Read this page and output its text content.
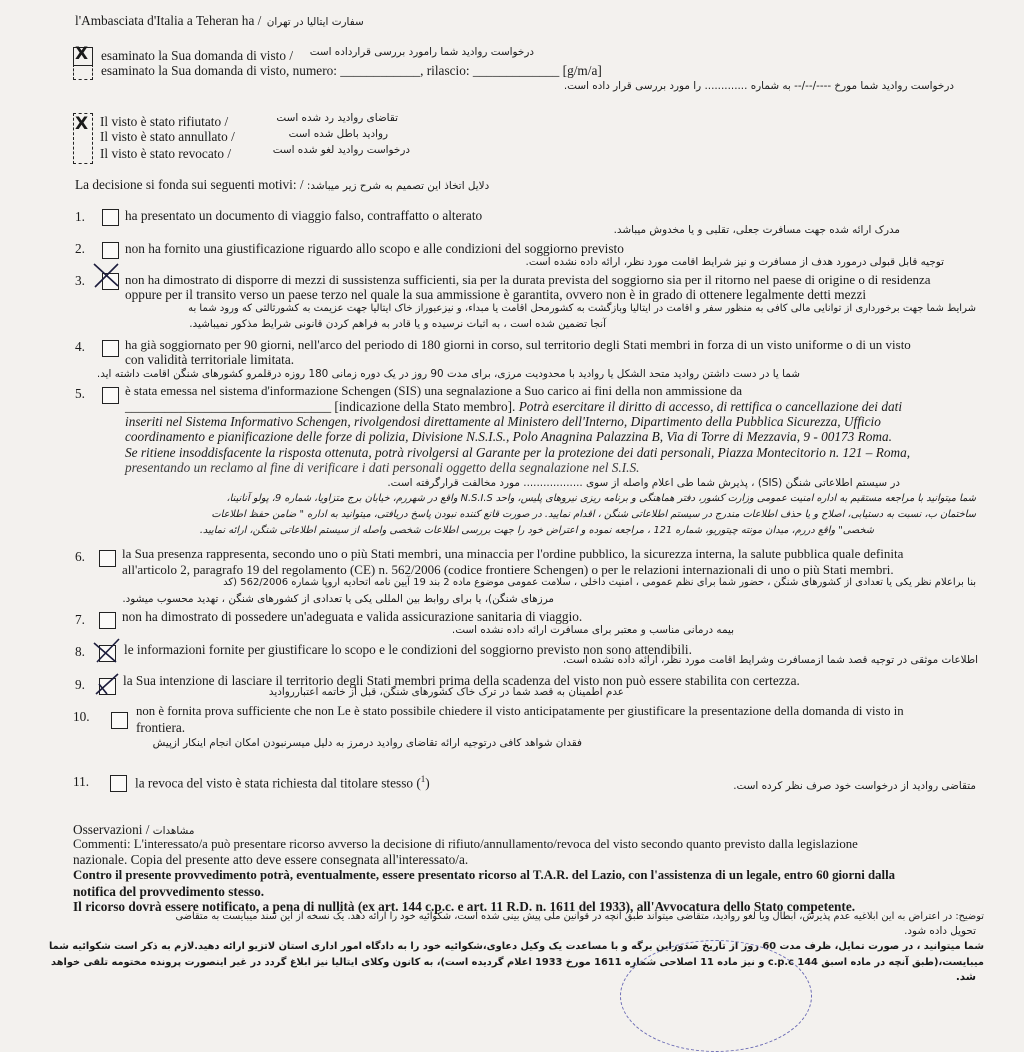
l'Ambasciata d'Italia a Teheran ha / سفارت ایتالیا در تهران
X esaminato la Sua domanda di visto / درخواست روادید شما رامورد بررسی قرارداده است
esaminato la Sua domanda di visto, numero: ____________, rilascio: _____________ [g/m/a]
درخواست روادید شما مورخ ----/--/-- به شماره ............. را مورد بررسی قرار داده است.
X Il visto è stato rifiutato /	تقاضای روادید رد شده است
Il visto è stato annullato /	روادید باطل شده است
Il visto è stato revocato /	درخواست روادید لغو شده است
La decisione si fonda sui seguenti motivi: / دلایل اتخاذ این تصمیم به شرح زیر میباشد:
1.	ha presentato un documento di viaggio falso, contraffatto o alterato
مدرک ارائه شده جهت مسافرت جعلی، تقلبی و یا مخدوش میباشد.
2.	non ha fornito una giustificazione riguardo allo scopo e alle condizioni del soggiorno previsto
توجیه قابل قبولی درمورد هدف از مسافرت و نیز شرایط اقامت مورد نظر، ارائه داده نشده است.
3.	non ha dimostrato di disporre di mezzi di sussistenza sufficienti, sia per la durata prevista del soggiorno sia per il ritorno nel paese di origine o di residenza
oppure per il transito verso un paese terzo nel quale la sua ammissione è garantita, ovvero non è in grado di ottenere legalmente detti mezzi
شرایط شما جهت برخورداری از توانایی مالی کافی به منظور سفر و اقامت در ایتالیا وبازگشت به کشورمحل اقامت یا مبداء، و نیزعبوراز خاک ایتالیا جهت عزیمت به کشورثالثی که ورود شما به
آنجا تضمین شده است ، به اثبات نرسیده و یا قادر به فراهم کردن قانونی شرایط مذکور نمیباشید.
4.	ha già soggiornato per 90 giorni, nell'arco del periodo di 180 giorni in corso, sul territorio degli Stati membri in forza di un visto uniforme o di un visto
con validità territoriale limitata.
شما یا در دست داشتن روادید متحد الشکل یا روادید با محدودیت مرزی، برای مدت 90 روز در یک دوره زمانی 180 روزه درقلمرو کشورهای شنگن اقامت داشته اید.
5.	è stata emessa nel sistema d'informazione Schengen (SIS) una segnalazione a Suo carico ai fini della non ammissione da
_______________________________ [indicazione della Stato membro]. Potrà esercitare il diritto di accesso, di rettifica o cancellazione dei dati
inseriti nel Sistema Informativo Schengen, rivolgendosi direttamente al Ministero dell'Interno, Dipartimento della Pubblica Sicurezza, Ufficio
coordinamento e pianificazione delle forze di polizia, Divisione N.S.I.S., Polo Anagnina Palazzina B, Via di Torre di Mezzavia, 9 - 00173 Roma.
Se ritiene insoddisfacente la risposta ottenuta, potrà rivolgersi al Garante per la protezione dei dati personali, Piazza Montecitorio n. 121 – Roma,
presentando un reclamo al fine di verificare i dati personali oggetto della segnalazione nel S.I.S.
در سیستم اطلاعاتی شنگن (SIS) ، پذیرش شما طی اعلام واصله از سوی .................. مورد مخالفت قرارگرفته است.
شما میتوانید با مراجعه مستقیم به اداره امنیت عمومی وزارت کشور، دفتر هماهنگی و برنامه ریزی نیروهای پلیس، واحد N.S.I.S واقع در شهررم، خیابان برج متزاویا، شماره 9، پولو آنانینا،
ساختمان ب، نسبت به دستیابی، اصلاح و یا حذف اطلاعات مندرج در سیستم اطلاعاتی شنگن ، اقدام نمایید. در صورت قانع کننده نبودن پاسخ دریافتی، میتوانید به اداره " ضامن حفظ اطلاعات
شخصی" واقع دررم، میدان مونته چیتوریو، شماره 121 ، مراجعه نموده و اعتراض خود را جهت بررسی اطلاعات شخصی واصله از سیستم اطلاعاتی شنگن، ارائه نمایید.
6.	la Sua presenza rappresenta, secondo uno o più Stati membri, una minaccia per l'ordine pubblico, la sicurezza interna, la salute pubblica quale definita
all'articolo 2, paragrafo 19 del regolamento (CE) n. 562/2006 (codice frontiere Schengen) o per le relazioni internazionali di uno o più Stati membri.
بنا براعلام نظر یکی یا تعدادی از کشورهای شنگن ، حضور شما برای نظم عمومی ، امنیت داخلی ، سلامت عمومی موضوع ماده 2 بند 19 آیین نامه اتحادیه اروپا شماره 562/2006 (کد
مرزهای شنگن)، یا برای روابط بین المللی یکی یا تعدادی از کشورهای شنگن ، تهدید محسوب میشود.
7.	non ha dimostrato di possedere un'adeguata e valida assicurazione sanitaria di viaggio.
بیمه درمانی مناسب و معتبر برای مسافرت ارائه داده نشده است.
8.	le informazioni fornite per giustificare lo scopo e le condizioni del soggiorno previsto non sono attendibili.
اطلاعات موثقی در توجیه قصد شما ازمسافرت وشرایط اقامت مورد نظر، ارائه داده نشده است.
9.	la Sua intenzione di lasciare il territorio degli Stati membri prima della scadenza del visto non può essere stabilita con certezza.
عدم اطمینان به قصد شما در ترک خاک کشورهای شنگن، قبل از خاتمه اعتبارروادید
10.	non è fornita prova sufficiente che non Le è stato possibile chiedere il visto anticipatamente per giustificare la presentazione della domanda di visto in
frontiera.
فقدان شواهد کافی درتوجیه ارائه تقاضای روادید درمرز به دلیل میسرنبودن امکان انجام اینکار ازپیش
11.	la revoca del visto è stata richiesta dal titolare stesso ($^1$)	متقاضی روادید از درخواست خود صرف نظر کرده است.
Osservazioni / مشاهدات
Commenti: L'interessato/a può presentare ricorso avverso la decisione di rifiuto/annullamento/revoca del visto secondo quanto previsto dalla legislazione
nazionale. Copia del presente atto deve essere consegnata all'interessato/a.
Contro il presente provvedimento potrà, eventualmente, essere presentato ricorso al T.A.R. del Lazio, con l'assistenza di un legale, entro 60 giorni dalla
notifica del provvedimento stesso.
Il ricorso dovrà essere notificato, a pena di nullità (ex art. 144 c.p.c. e art. 11 R.D. n. 1611 del 1933), all'Avvocatura dello Stato competente.
توضیح: در اعتراض به این ابلاغیه عدم پذیرش، ابطال ویا لغو روادید، متقاضی میتواند طبق آنچه در قوانین ملی پیش بینی شده است، شکوائیه خود را ارائه دهد. یک نسخه از این سند میبایست به متقاضی
تحویل داده شود.
شما میتوانید ، در صورت تمایل، ظرف مدت 60 روز از تاریخ صدوراین برگه و با مساعدت یک وکیل دعاوی،شکوائیه خود را به دادگاه امور اداری استان لاتزیو ارائه دهید.لازم به ذکر است شکوائیه شما
میبایست،(طبق آنچه در ماده اسبق 144 c.p.c و نیز ماده 11 اصلاحی شماره 1611 مورخ 1933 اعلام گردیده است)، به کانون وکلای ایتالیا نیز ابلاغ گردد در غیر اینصورت پرونده مختومه تلقی خواهد
شد.
